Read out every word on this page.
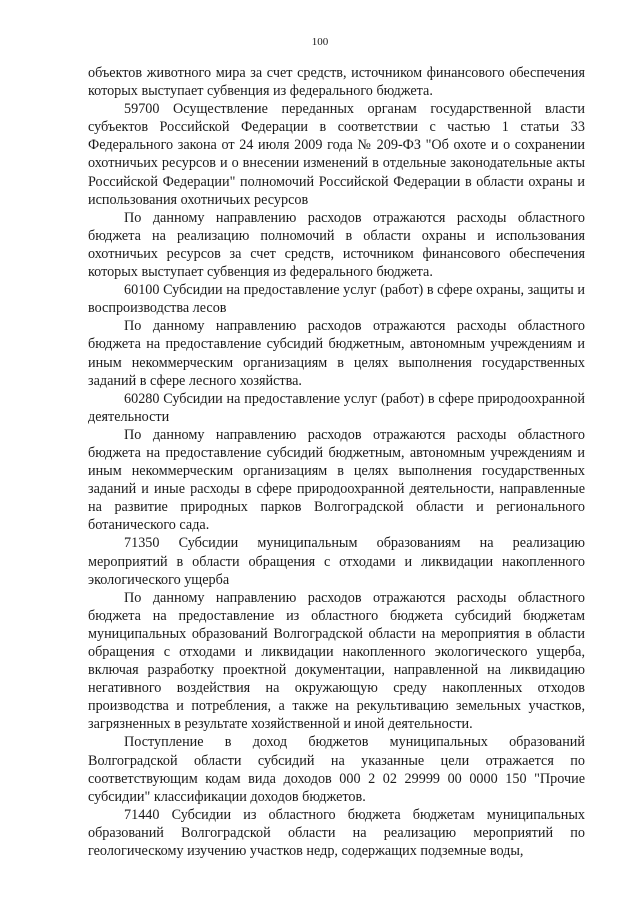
100

объектов животного мира за счет средств, источником финансового обеспечения которых выступает субвенция из федерального бюджета.

59700 Осуществление переданных органам государственной власти субъектов Российской Федерации в соответствии с частью 1 статьи 33 Федерального закона от 24 июля 2009 года № 209-ФЗ "Об охоте и о сохранении охотничьих ресурсов и о внесении изменений в отдельные законодательные акты Российской Федерации" полномочий Российской Федерации в области охраны и использования охотничьих ресурсов

По данному направлению расходов отражаются расходы областного бюджета на реализацию полномочий в области охраны и использования охотничьих ресурсов за счет средств, источником финансового обеспечения которых выступает субвенция из федерального бюджета.

60100 Субсидии на предоставление услуг (работ) в сфере охраны, защиты и воспроизводства лесов

По данному направлению расходов отражаются расходы областного бюджета на предоставление субсидий бюджетным, автономным учреждениям и иным некоммерческим организациям в целях выполнения государственных заданий в сфере лесного хозяйства.

60280 Субсидии на предоставление услуг (работ) в сфере природоохранной деятельности

По данному направлению расходов отражаются расходы областного бюджета на предоставление субсидий бюджетным, автономным учреждениям и иным некоммерческим организациям в целях выполнения государственных заданий и иные расходы в сфере природоохранной деятельности, направленные на развитие природных парков Волгоградской области и регионального ботанического сада.

71350 Субсидии муниципальным образованиям на реализацию мероприятий в области обращения с отходами и ликвидации накопленного экологического ущерба

По данному направлению расходов отражаются расходы областного бюджета на предоставление из областного бюджета субсидий бюджетам муниципальных образований Волгоградской области на мероприятия в области обращения с отходами и ликвидации накопленного экологического ущерба, включая разработку проектной документации, направленной на ликвидацию негативного воздействия на окружающую среду накопленных отходов производства и потребления, а также на рекультивацию земельных участков, загрязненных в результате хозяйственной и иной деятельности.

Поступление в доход бюджетов муниципальных образований Волгоградской области субсидий на указанные цели отражается по соответствующим кодам вида доходов 000 2 02 29999 00 0000 150 "Прочие субсидии" классификации доходов бюджетов.

71440 Субсидии из областного бюджета бюджетам муниципальных образований Волгоградской области на реализацию мероприятий по геологическому изучению участков недр, содержащих подземные воды,
